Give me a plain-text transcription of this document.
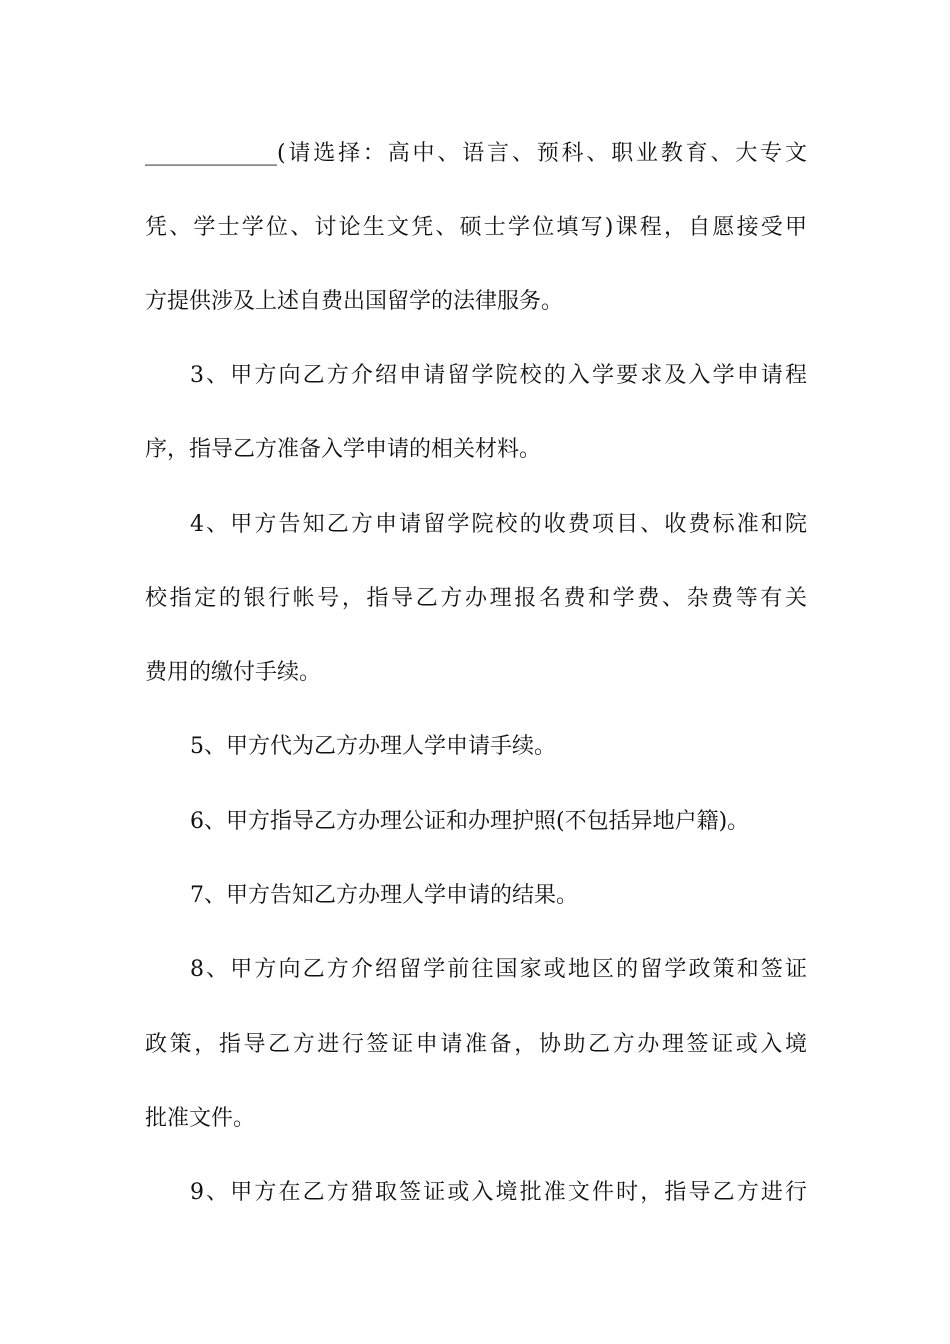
____________(请选择：高中、语言、预科、职业教育、大专文
凭、学士学位、讨论生文凭、硕士学位填写)课程，自愿接受甲
方提供涉及上述自费出国留学的法律服务。
3、甲方向乙方介绍申请留学院校的入学要求及入学申请程
序，指导乙方准备入学申请的相关材料。
4、甲方告知乙方申请留学院校的收费项目、收费标准和院
校指定的银行帐号，指导乙方办理报名费和学费、杂费等有关
费用的缴付手续。
5、甲方代为乙方办理人学申请手续。
6、甲方指导乙方办理公证和办理护照(不包括异地户籍)。
7、甲方告知乙方办理人学申请的结果。
8、甲方向乙方介绍留学前往国家或地区的留学政策和签证
政策，指导乙方进行签证申请准备，协助乙方办理签证或入境
批准文件。
9、甲方在乙方猎取签证或入境批准文件时，指导乙方进行
